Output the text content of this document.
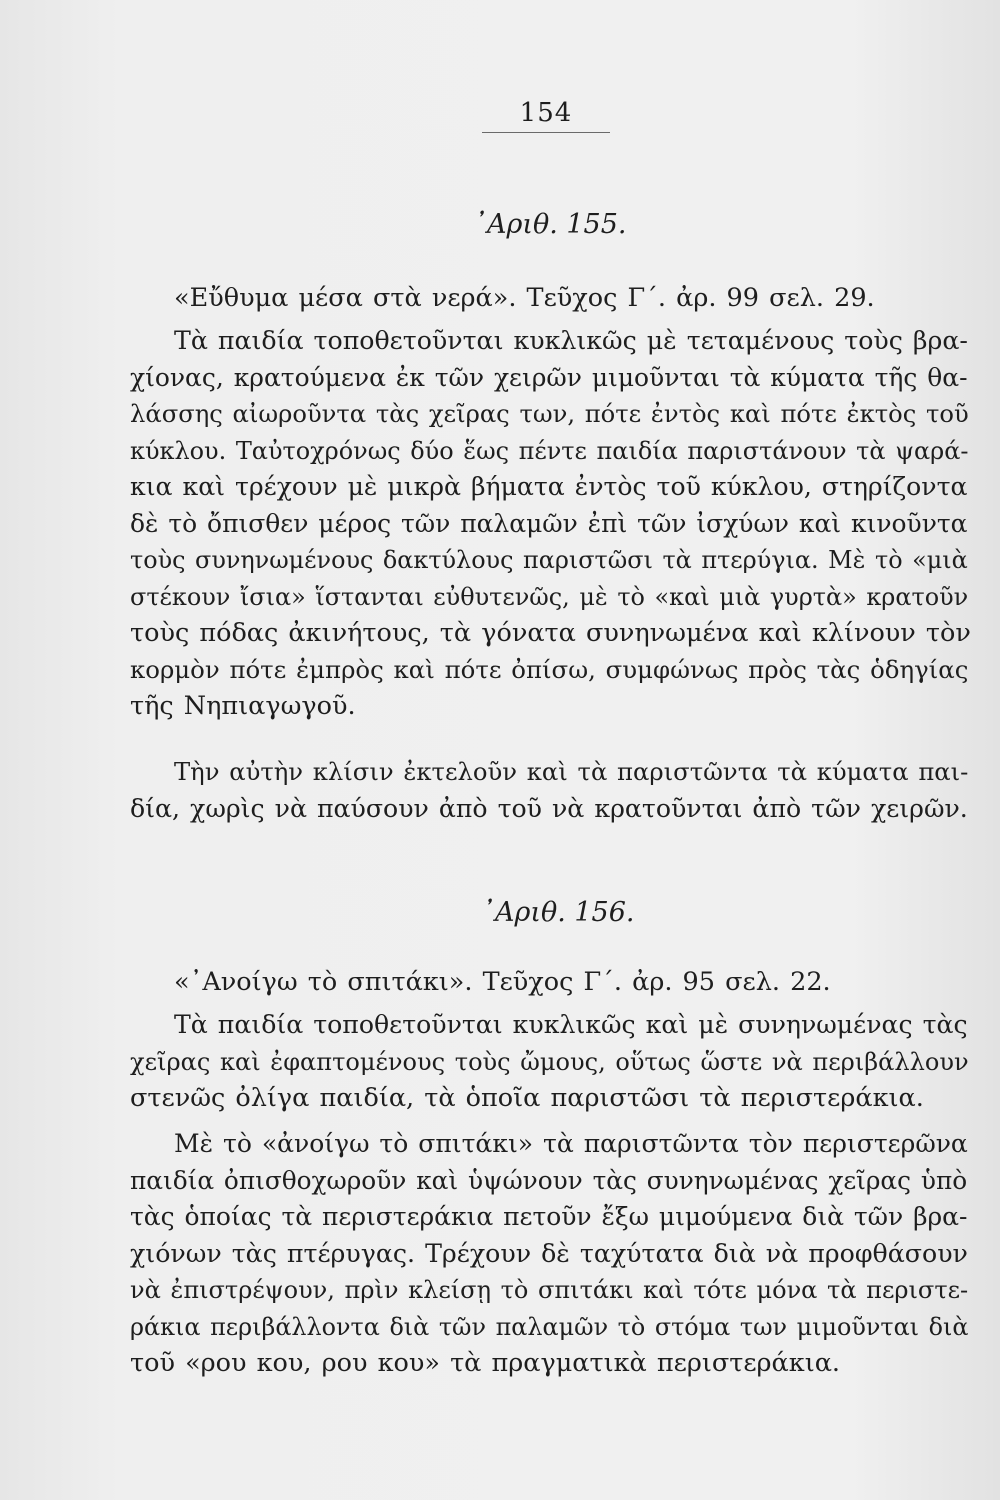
154
᾿Αριθ. 155.
«Εὔθυμα μέσα στὰ νερά». Τεῦχος Γ΄. ἀρ. 99 σελ. 29.
Τὰ παιδία τοποθετοῦνται κυκλικῶς μὲ τεταμένους τοὺς βρα-
χίονας, κρατούμενα ἐκ τῶν χειρῶν μιμοῦνται τὰ κύματα τῆς θα-
λάσσης αἰωροῦντα τὰς χεῖρας των, πότε ἐντὸς καὶ πότε ἐκτὸς τοῦ
κύκλου. Ταὐτοχρόνως δύο ἕως πέντε παιδία παριστάνουν τὰ ψαρά-
κια καὶ τρέχουν μὲ μικρὰ βήματα ἐντὸς τοῦ κύκλου, στηρίζοντα
δὲ τὸ ὄπισθεν μέρος τῶν παλαμῶν ἐπὶ τῶν ἰσχύων καὶ κινοῦντα
τοὺς συνηνωμένους δακτύλους παριστῶσι τὰ πτερύγια. Μὲ τὸ «μιὰ
στέκουν ἴσια» ἵστανται εὐθυτενῶς, μὲ τὸ «καὶ μιὰ γυρτὰ» κρατοῦν
τοὺς πόδας ἀκινήτους, τὰ γόνατα συνηνωμένα καὶ κλίνουν τὸν
κορμὸν πότε ἐμπρὸς καὶ πότε ὀπίσω, συμφώνως πρὸς τὰς ὁδηγίας
τῆς Νηπιαγωγοῦ.
Τὴν αὐτὴν κλίσιν ἐκτελοῦν καὶ τὰ παριστῶντα τὰ κύματα παι-
δία, χωρὶς νὰ παύσουν ἀπὸ τοῦ νὰ κρατοῦνται ἀπὸ τῶν χειρῶν.
᾿Αριθ. 156.
«᾿Ανοίγω τὸ σπιτάκι». Τεῦχος Γ΄. ἀρ. 95 σελ. 22.
Τὰ παιδία τοποθετοῦνται κυκλικῶς καὶ μὲ συνηνωμένας τὰς
χεῖρας καὶ ἐφαπτομένους τοὺς ὤμους, οὕτως ὥστε νὰ περιβάλλουν
στενῶς ὀλίγα παιδία, τὰ ὁποῖα παριστῶσι τὰ περιστεράκια.
Μὲ τὸ «ἀνοίγω τὸ σπιτάκι» τὰ παριστῶντα τὸν περιστερῶνα
παιδία ὀπισθοχωροῦν καὶ ὑψώνουν τὰς συνηνωμένας χεῖρας ὑπὸ
τὰς ὁποίας τὰ περιστεράκια πετοῦν ἔξω μιμούμενα διὰ τῶν βρα-
χιόνων τὰς πτέρυγας. Τρέχουν δὲ ταχύτατα διὰ νὰ προφθάσουν
νὰ ἐπιστρέψουν, πρὶν κλείσῃ τὸ σπιτάκι καὶ τότε μόνα τὰ περιστε-
ράκια περιβάλλοντα διὰ τῶν παλαμῶν τὸ στόμα των μιμοῦνται διὰ
τοῦ «ρου κου, ρου κου» τὰ πραγματικὰ περιστεράκια.
